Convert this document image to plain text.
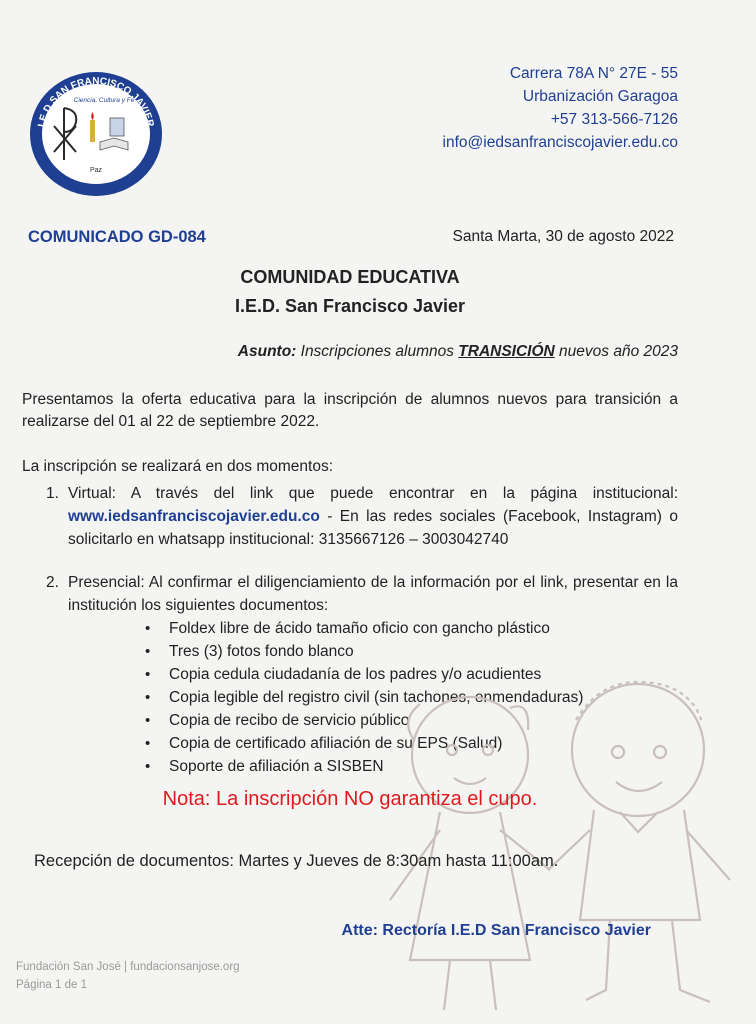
I.E.D SAN FRANCISCO JAVIER
SANTA MARTA D.T.C.H
Ciencia, Cultura y Fe
Paz
Carrera 78A N° 27E - 55
Urbanización Garagoa
+57 313-566-7126
info@iedsanfranciscojavier.edu.co
COMUNICADO GD-084	Santa Marta, 30 de agosto 2022
COMUNIDAD EDUCATIVA
I.E.D. San Francisco Javier
Asunto: Inscripciones alumnos TRANSICIÓN nuevos año 2023
Presentamos la oferta educativa para la inscripción de alumnos nuevos para transición a realizarse del 01 al 22 de septiembre 2022.
La inscripción se realizará en dos momentos:
1. Virtual: A través del link que puede encontrar en la página institucional: www.iedsanfranciscojavier.edu.co - En las redes sociales (Facebook, Instagram) o solicitarlo en whatsapp institucional: 3135667126 – 3003042740
2. Presencial: Al confirmar el diligenciamiento de la información por el link, presentar en la institución los siguientes documentos:
• Foldex libre de ácido tamaño oficio con gancho plástico
• Tres (3) fotos fondo blanco
• Copia cedula ciudadanía de los padres y/o acudientes
• Copia legible del registro civil (sin tachones, enmendaduras)
• Copia de recibo de servicio público
• Copia de certificado afiliación de su EPS (Salud)
• Soporte de afiliación a SISBEN
Nota: La inscripción NO garantiza el cupo.
Recepción de documentos: Martes y Jueves de 8:30am hasta 11:00am.
Atte: Rectoría I.E.D San Francisco Javier
Fundación San José | fundacionsanjose.org
Página 1 de 1
